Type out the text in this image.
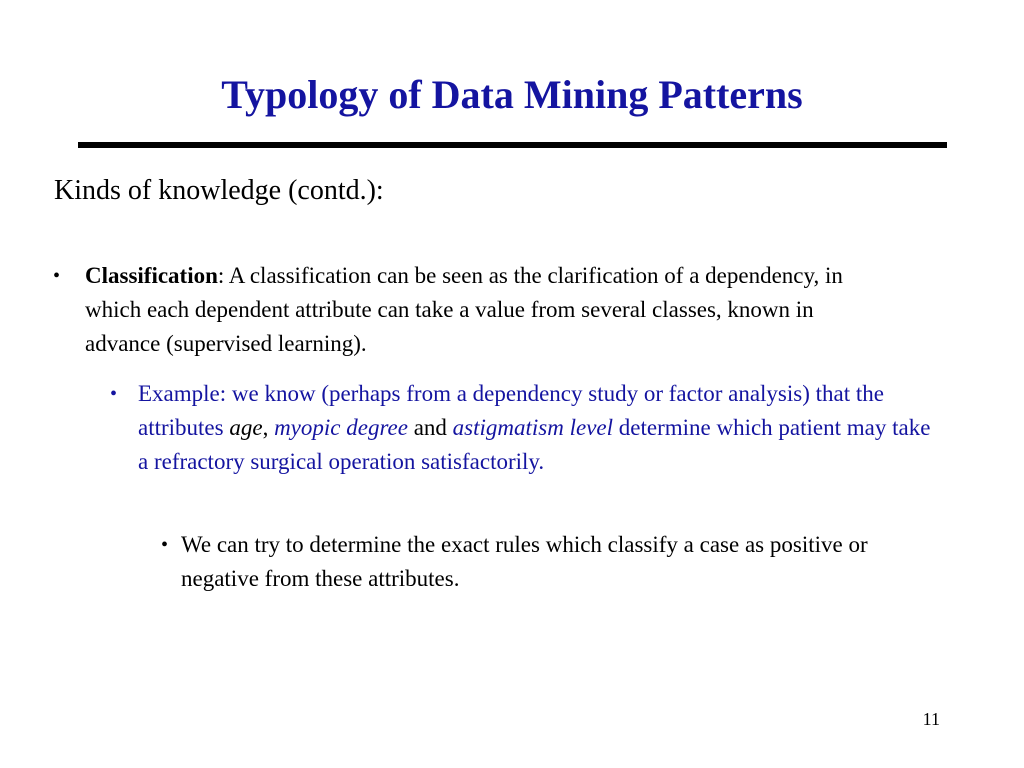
Typology of Data Mining Patterns

Kinds of knowledge (contd.):

• Classification: A classification can be seen as the clarification of a dependency, in which each dependent attribute can take a value from several classes, known in advance (supervised learning).
• Example: we know (perhaps from a dependency study or factor analysis) that the attributes age, myopic degree and astigmatism level determine which patient may take a refractory surgical operation satisfactorily.
• We can try to determine the exact rules which classify a case as positive or negative from these attributes.
11
